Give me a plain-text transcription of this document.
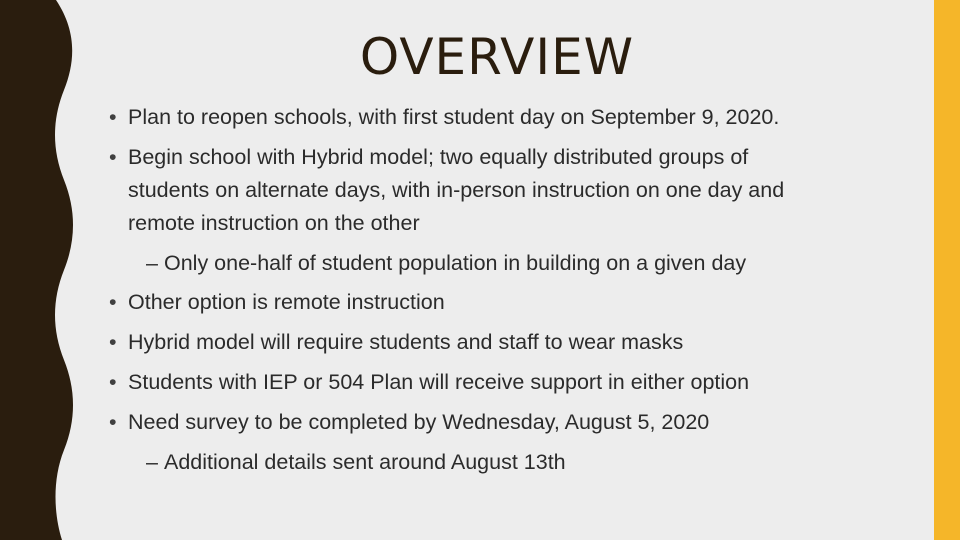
OVERVIEW
• Plan to reopen schools, with first student day on September 9, 2020.
• Begin school with Hybrid model; two equally distributed groups of
students on alternate days, with in-person instruction on one day and
remote instruction on the other
– Only one-half of student population in building on a given day
• Other option is remote instruction
• Hybrid model will require students and staff to wear masks
• Students with IEP or 504 Plan will receive support in either option
• Need survey to be completed by Wednesday, August 5, 2020
– Additional details sent around August 13th
